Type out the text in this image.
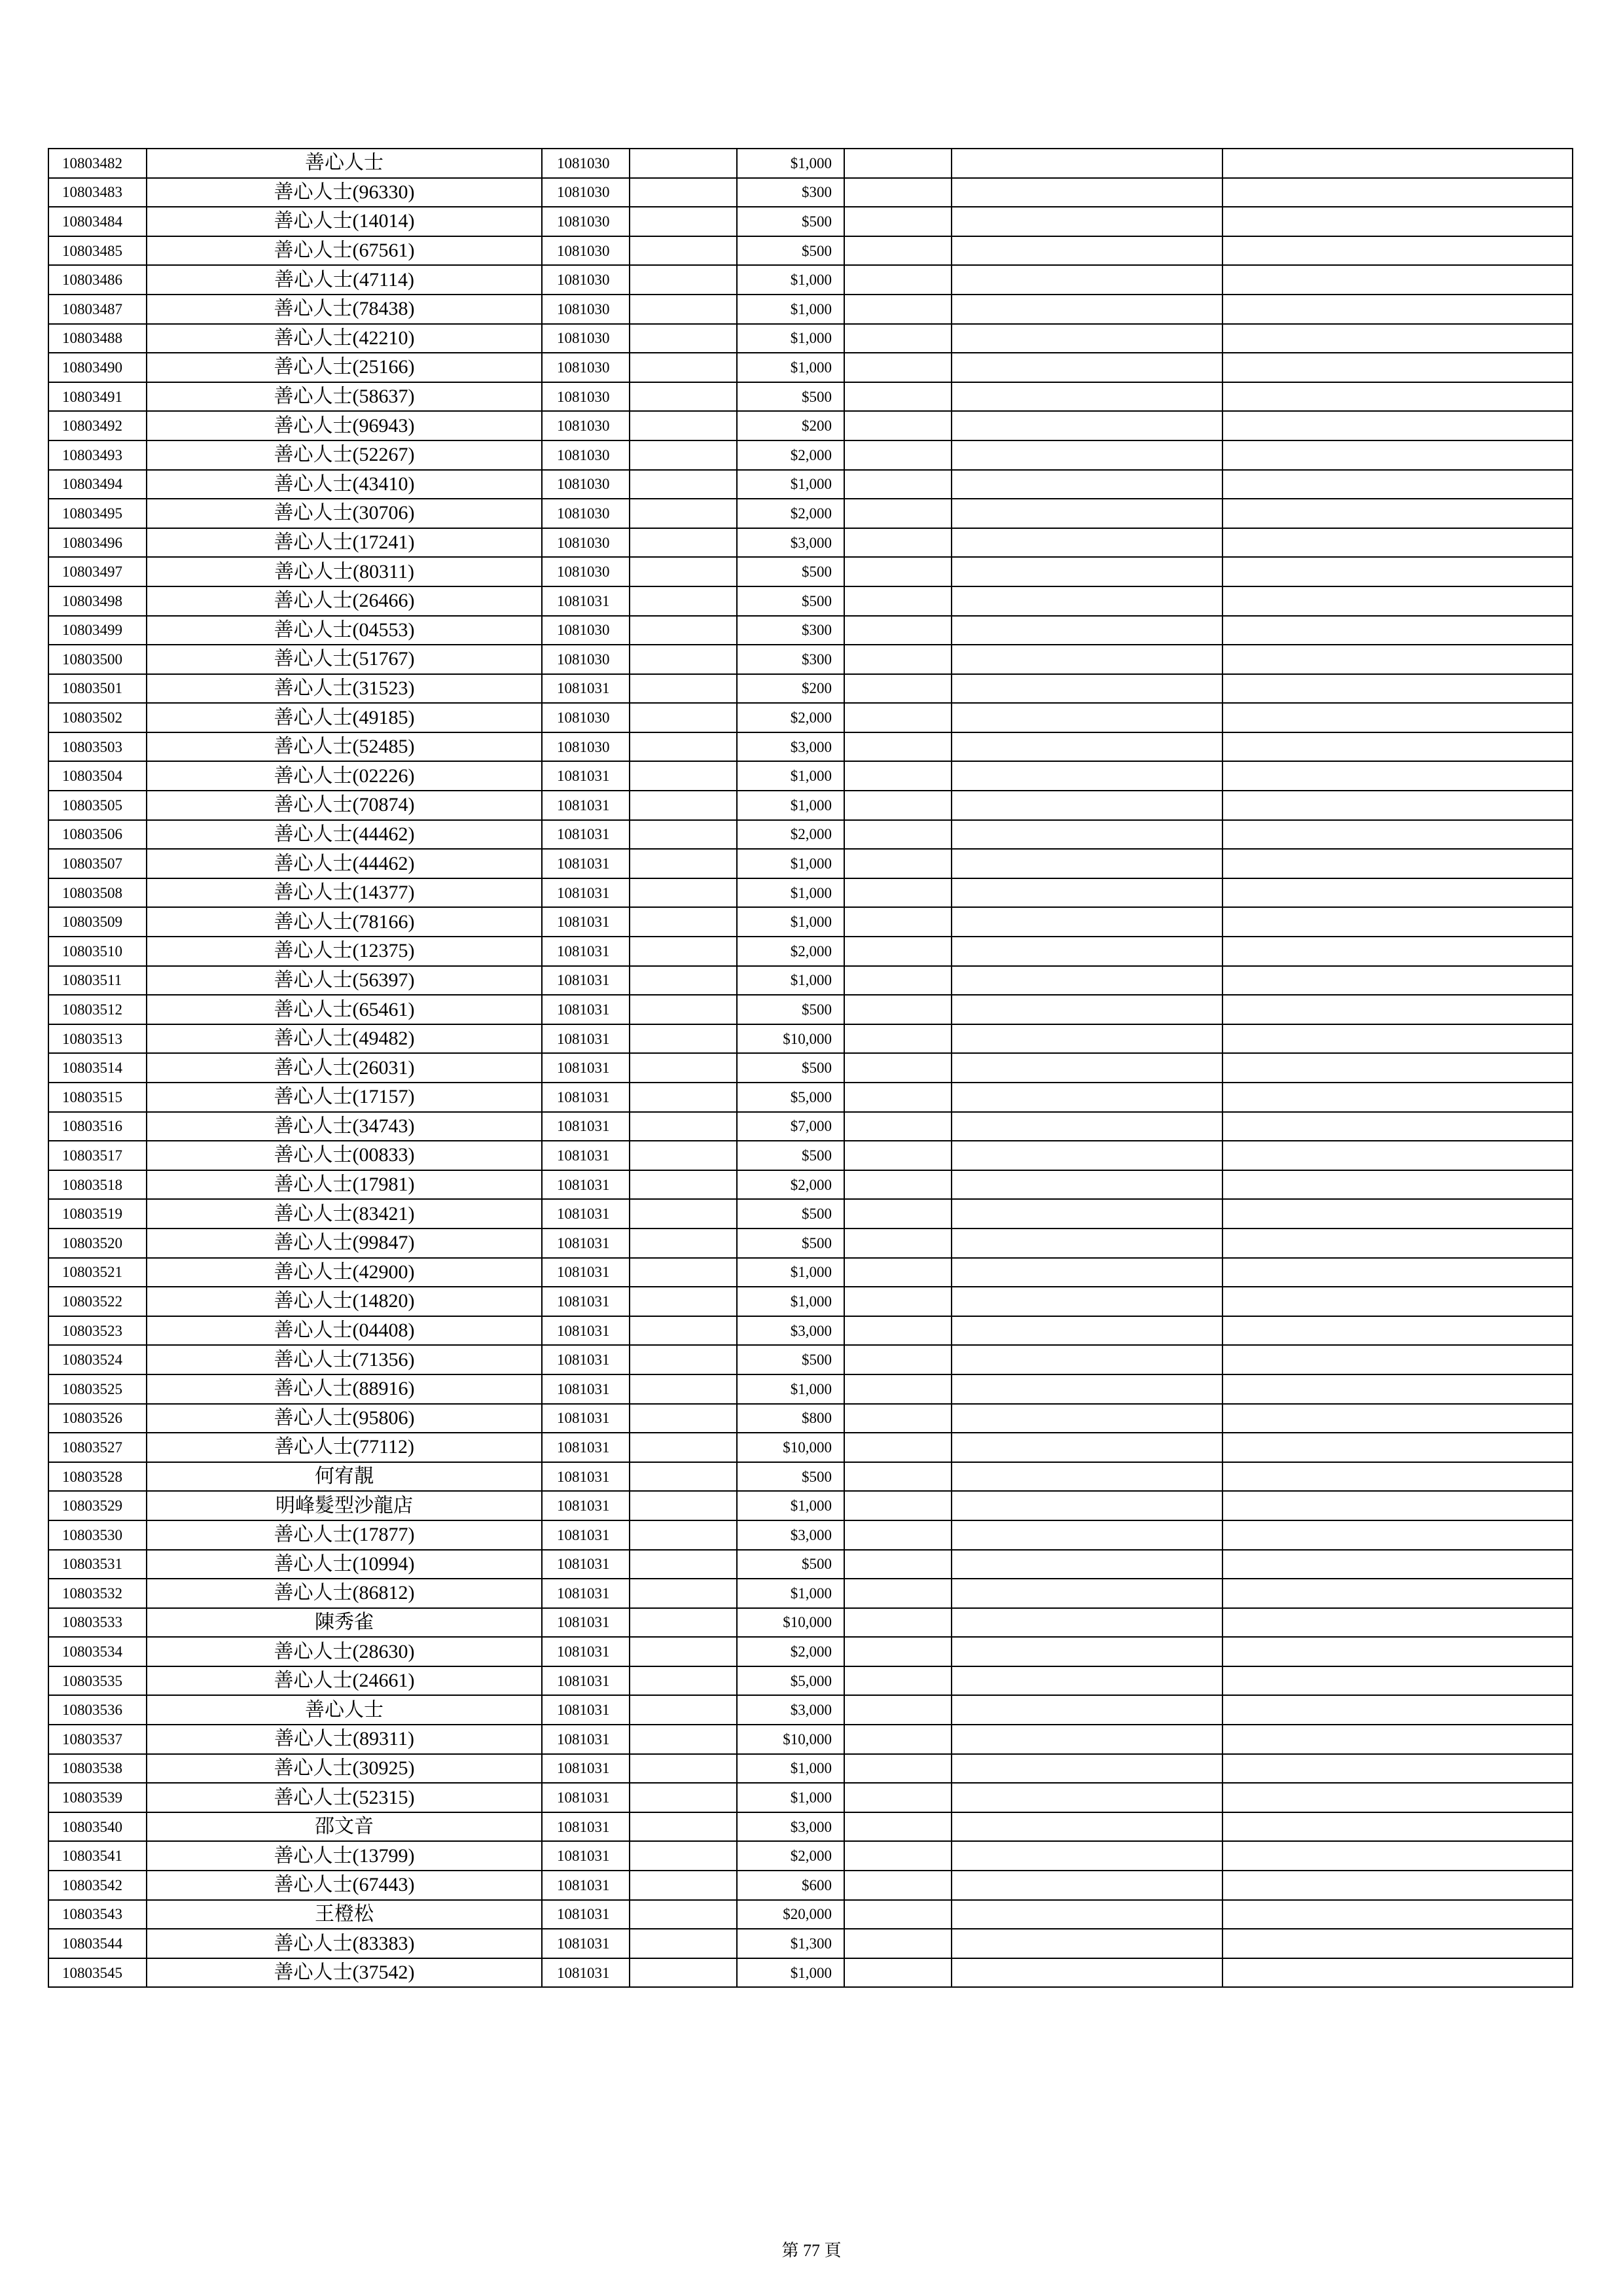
10803482	善心人士	1081030		$1,000			
10803483	善心人士(96330)	1081030		$300			
10803484	善心人士(14014)	1081030		$500			
10803485	善心人士(67561)	1081030		$500			
10803486	善心人士(47114)	1081030		$1,000			
10803487	善心人士(78438)	1081030		$1,000			
10803488	善心人士(42210)	1081030		$1,000			
10803490	善心人士(25166)	1081030		$1,000			
10803491	善心人士(58637)	1081030		$500			
10803492	善心人士(96943)	1081030		$200			
10803493	善心人士(52267)	1081030		$2,000			
10803494	善心人士(43410)	1081030		$1,000			
10803495	善心人士(30706)	1081030		$2,000			
10803496	善心人士(17241)	1081030		$3,000			
10803497	善心人士(80311)	1081030		$500			
10803498	善心人士(26466)	1081031		$500			
10803499	善心人士(04553)	1081030		$300			
10803500	善心人士(51767)	1081030		$300			
10803501	善心人士(31523)	1081031		$200			
10803502	善心人士(49185)	1081030		$2,000			
10803503	善心人士(52485)	1081030		$3,000			
10803504	善心人士(02226)	1081031		$1,000			
10803505	善心人士(70874)	1081031		$1,000			
10803506	善心人士(44462)	1081031		$2,000			
10803507	善心人士(44462)	1081031		$1,000			
10803508	善心人士(14377)	1081031		$1,000			
10803509	善心人士(78166)	1081031		$1,000			
10803510	善心人士(12375)	1081031		$2,000			
10803511	善心人士(56397)	1081031		$1,000			
10803512	善心人士(65461)	1081031		$500			
10803513	善心人士(49482)	1081031		$10,000			
10803514	善心人士(26031)	1081031		$500			
10803515	善心人士(17157)	1081031		$5,000			
10803516	善心人士(34743)	1081031		$7,000			
10803517	善心人士(00833)	1081031		$500			
10803518	善心人士(17981)	1081031		$2,000			
10803519	善心人士(83421)	1081031		$500			
10803520	善心人士(99847)	1081031		$500			
10803521	善心人士(42900)	1081031		$1,000			
10803522	善心人士(14820)	1081031		$1,000			
10803523	善心人士(04408)	1081031		$3,000			
10803524	善心人士(71356)	1081031		$500			
10803525	善心人士(88916)	1081031		$1,000			
10803526	善心人士(95806)	1081031		$800			
10803527	善心人士(77112)	1081031		$10,000			
10803528	何宥靚	1081031		$500			
10803529	明峰髮型沙龍店	1081031		$1,000			
10803530	善心人士(17877)	1081031		$3,000			
10803531	善心人士(10994)	1081031		$500			
10803532	善心人士(86812)	1081031		$1,000			
10803533	陳秀雀	1081031		$10,000			
10803534	善心人士(28630)	1081031		$2,000			
10803535	善心人士(24661)	1081031		$5,000			
10803536	善心人士	1081031		$3,000			
10803537	善心人士(89311)	1081031		$10,000			
10803538	善心人士(30925)	1081031		$1,000			
10803539	善心人士(52315)	1081031		$1,000			
10803540	邵文音	1081031		$3,000			
10803541	善心人士(13799)	1081031		$2,000			
10803542	善心人士(67443)	1081031		$600			
10803543	王橙松	1081031		$20,000			
10803544	善心人士(83383)	1081031		$1,300			
10803545	善心人士(37542)	1081031		$1,000			
第 77 頁
